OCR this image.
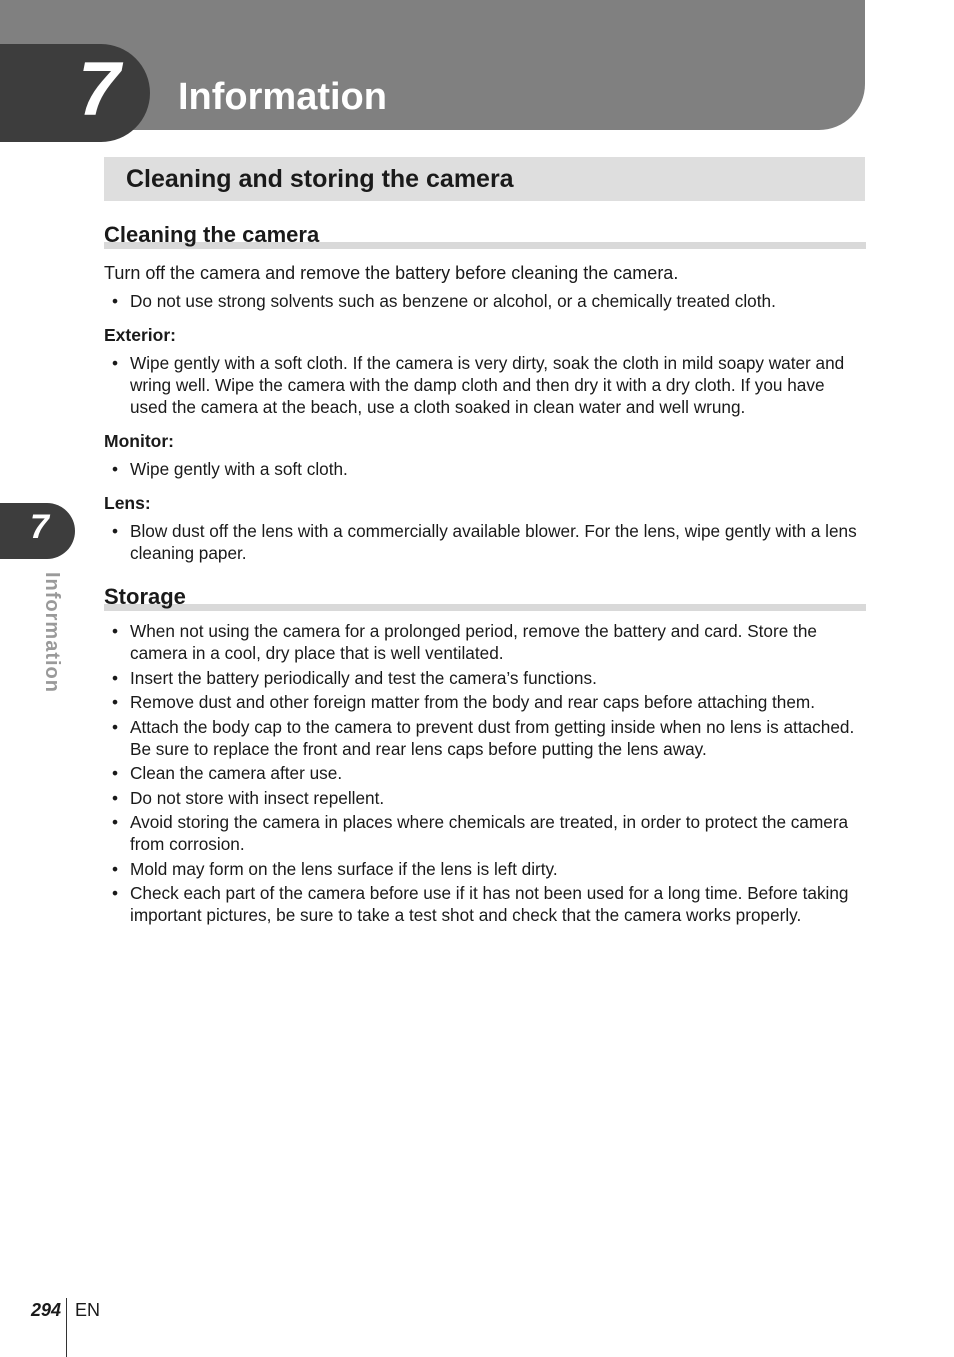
7 Information
Cleaning and storing the camera
Cleaning the camera
Turn off the camera and remove the battery before cleaning the camera.
• Do not use strong solvents such as benzene or alcohol, or a chemically treated cloth.
Exterior:
• Wipe gently with a soft cloth. If the camera is very dirty, soak the cloth in mild soapy water and wring well. Wipe the camera with the damp cloth and then dry it with a dry cloth. If you have used the camera at the beach, use a cloth soaked in clean water and well wrung.
Monitor:
• Wipe gently with a soft cloth.
Lens:
• Blow dust off the lens with a commercially available blower. For the lens, wipe gently with a lens cleaning paper.
Storage
• When not using the camera for a prolonged period, remove the battery and card. Store the camera in a cool, dry place that is well ventilated.
• Insert the battery periodically and test the camera’s functions.
• Remove dust and other foreign matter from the body and rear caps before attaching them.
• Attach the body cap to the camera to prevent dust from getting inside when no lens is attached. Be sure to replace the front and rear lens caps before putting the lens away.
• Clean the camera after use.
• Do not store with insect repellent.
• Avoid storing the camera in places where chemicals are treated, in order to protect the camera from corrosion.
• Mold may form on the lens surface if the lens is left dirty.
• Check each part of the camera before use if it has not been used for a long time. Before taking important pictures, be sure to take a test shot and check that the camera works properly.
7
Information
294 EN
